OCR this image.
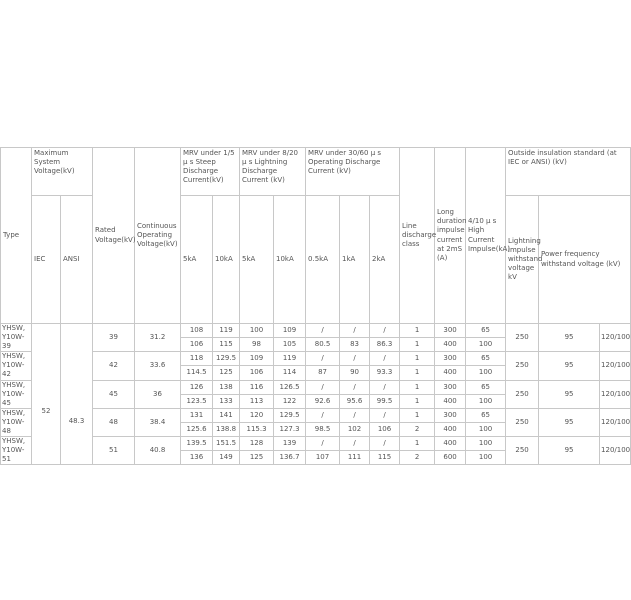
Type	Maximum System Voltage(kV)		Rated Voltage(kV)	Continuous Operating Voltage(kV)	MRV under 1/5 μ s Steep Discharge Current(kV)		MRV under 8/20 μ s Lightning Discharge Current (kV)		MRV under 30/60 μ s Operating Discharge Current (kV)			Line discharge class	Long duration impulse current at 2mS (A)	4/10 μ s High Current Impulse(kA)	Outside insulation standard (at IEC or ANSI) (kV)		
	IEC	ANSI			5kA	10kA	5kA	10kA	0.5kA	1kA	2kA				Lightning impulse withstand voltage kV	Power frequency withstand voltage (kV)	
YHSW, Y10W-39	52	48.3	39	31.2	108	119	100	109	/	/	/	1	300	65	250	95	120/100
					106	115	98	105	80.5	83	86.3	1	400	100			
YHSW, Y10W-42			42	33.6	118	129.5	109	119	/	/	/	1	300	65	250	95	120/100
					114.5	125	106	114	87	90	93.3	1	400	100			
YHSW, Y10W-45			45	36	126	138	116	126.5	/	/	/	1	300	65	250	95	120/100
					123.5	133	113	122	92.6	95.6	99.5	1	400	100			
YHSW, Y10W-48			48	38.4	131	141	120	129.5	/	/	/	1	300	65	250	95	120/100
					125.6	138.8	115.3	127.3	98.5	102	106	2	400	100			
YHSW, Y10W-51			51	40.8	139.5	151.5	128	139	/	/	/	1	400	100	250	95	120/100
					136	149	125	136.7	107	111	115	2	600	100			
